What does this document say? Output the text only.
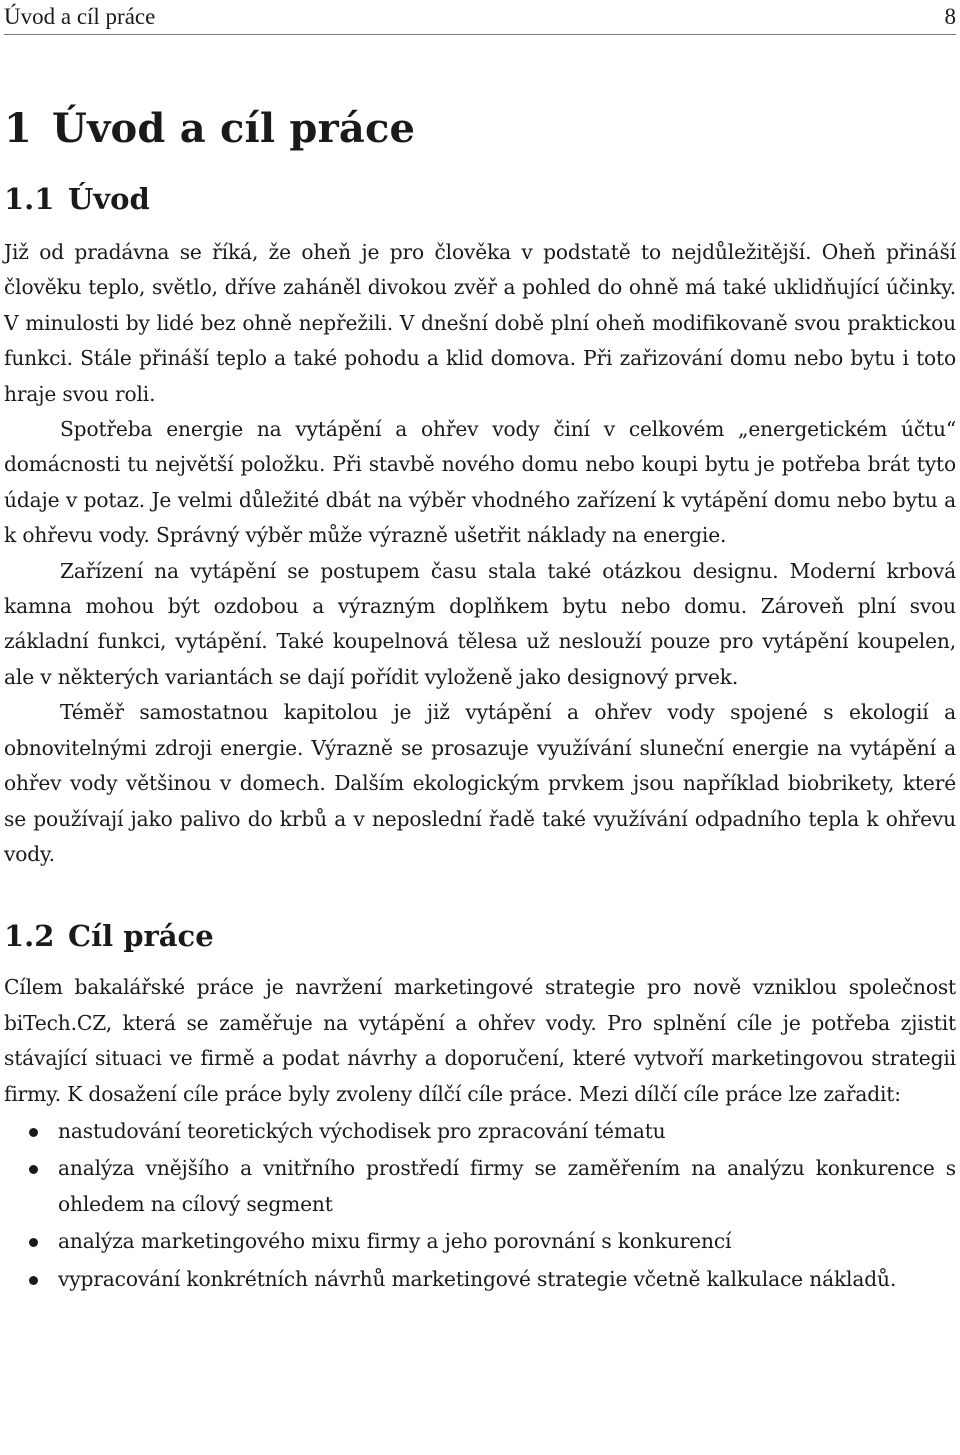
Úvod a cíl práce	8
1 Úvod a cíl práce
1.1 Úvod

Již od pradávna se říká, že oheň je pro člověka v podstatě to nejdůležitější. Oheň přináší člověku teplo, světlo, dříve zaháněl divokou zvěř a pohled do ohně má také uklidňující účinky. V minulosti by lidé bez ohně nepřežili. V dnešní době plní oheň modifikovaně svou praktickou funkci. Stále přináší teplo a také pohodu a klid domova. Při zařizování domu nebo bytu i toto hraje svou roli.

Spotřeba energie na vytápění a ohřev vody činí v celkovém „energetickém účtu“ domácnosti tu největší položku. Při stavbě nového domu nebo koupi bytu je potřeba brát tyto údaje v potaz. Je velmi důležité dbát na výběr vhodného zařízení k vytápění domu nebo bytu a k ohřevu vody. Správný výběr může výrazně ušetřit náklady na energie.

Zařízení na vytápění se postupem času stala také otázkou designu. Moderní krbová kamna mohou být ozdobou a výrazným doplňkem bytu nebo domu. Zároveň plní svou základní funkci, vytápění. Také koupelnová tělesa už neslouží pouze pro vytápění koupelen, ale v některých variantách se dají pořídit vyloženě jako designový prvek.

Téměř samostatnou kapitolou je již vytápění a ohřev vody spojené s ekologií a obnovitelnými zdroji energie. Výrazně se prosazuje využívání sluneční energie na vytápění a ohřev vody většinou v domech. Dalším ekologickým prvkem jsou například biobrikety, které se používají jako palivo do krbů a v neposlední řadě také využívání odpadního tepla k ohřevu vody.

1.2 Cíl práce

Cílem bakalářské práce je navržení marketingové strategie pro nově vzniklou společnost biTech.CZ, která se zaměřuje na vytápění a ohřev vody. Pro splnění cíle je potřeba zjistit stávající situaci ve firmě a podat návrhy a doporučení, které vytvoří marketingovou strategii firmy. K dosažení cíle práce byly zvoleny dílčí cíle práce. Mezi dílčí cíle práce lze zařadit:

nastudování teoretických východisek pro zpracování tématu
analýza vnějšího a vnitřního prostředí firmy se zaměřením na analýzu konkurence s ohledem na cílový segment
analýza marketingového mixu firmy a jeho porovnání s konkurencí
vypracování konkrétních návrhů marketingové strategie včetně kalkulace nákladů.
